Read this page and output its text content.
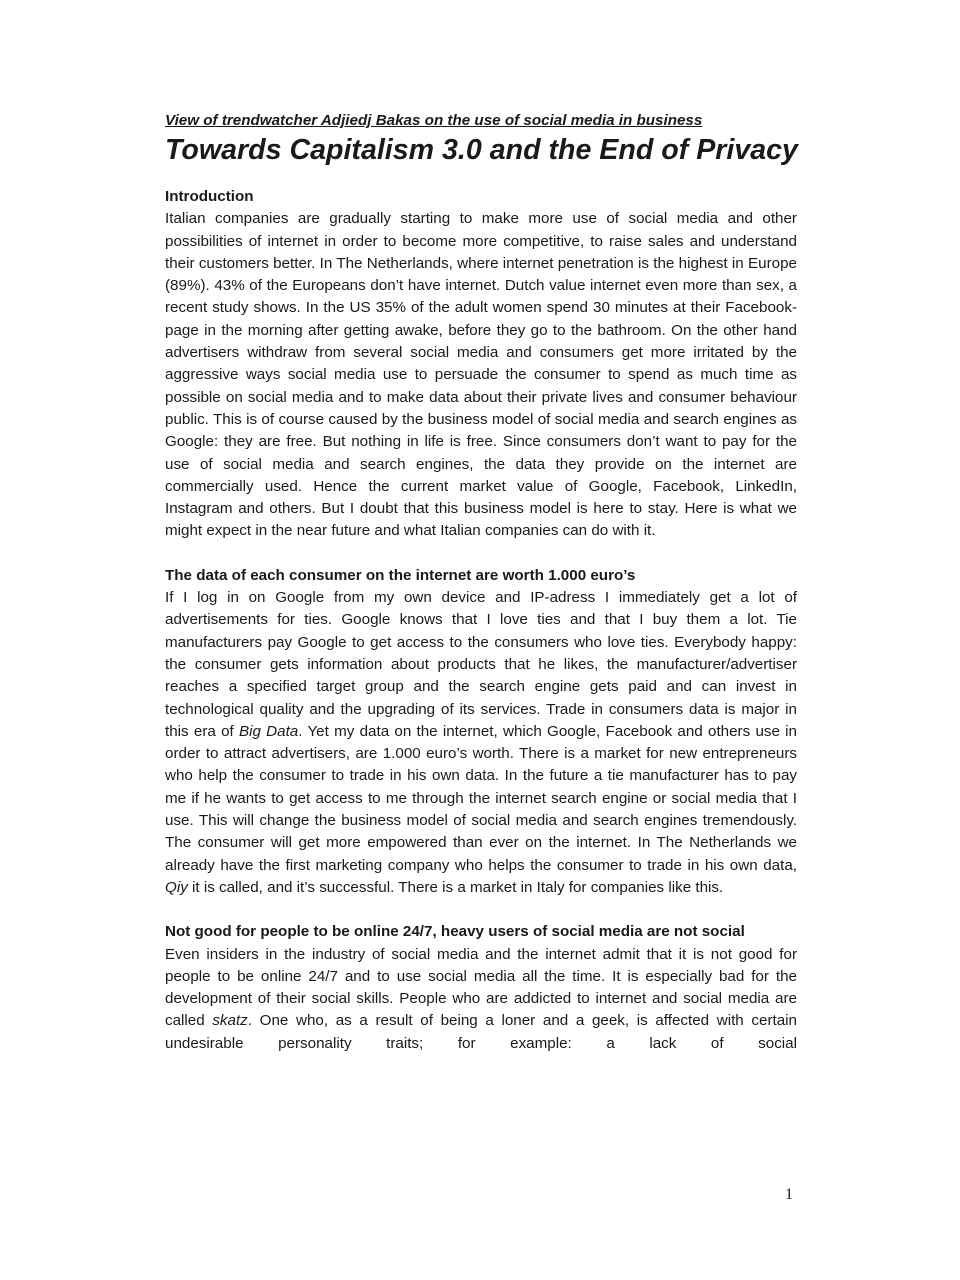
View of trendwatcher Adjiedj Bakas on the use of social media in business

Towards Capitalism 3.0 and the End of Privacy
Introduction

Italian companies are gradually starting to make more use of social media and other possibilities of internet in order to become more competitive, to raise sales and understand their customers better. In The Netherlands, where internet penetration is the highest in Europe (89%). 43% of the Europeans don’t have internet. Dutch value internet even more than sex, a recent study shows. In the US 35% of the adult women spend 30 minutes at their Facebook-page in the morning after getting awake, before they go to the bathroom. On the other hand advertisers withdraw from several social media and consumers get more irritated by the aggressive ways social media use to persuade the consumer to spend as much time as possible on social media and to make data about their private lives and consumer behaviour public. This is of course caused by the business model of social media and search engines as Google: they are free. But nothing in life is free. Since consumers don’t want to pay for the use of social media and search engines, the data they provide on the internet are commercially used. Hence the current market value of Google, Facebook, LinkedIn, Instagram and others. But I doubt that this business model is here to stay. Here is what we might expect in the near future and what Italian companies can do with it.

The data of each consumer on the internet are worth 1.000 euro’s

If I log in on Google from my own device and IP-adress I immediately get a lot of advertisements for ties. Google knows that I love ties and that I buy them a lot. Tie manufacturers pay Google to get access to the consumers who love ties. Everybody happy: the consumer gets information about products that he likes, the manufacturer/advertiser reaches a specified target group and the search engine gets paid and can invest in technological quality and the upgrading of its services. Trade in consumers data is major in this era of Big Data. Yet my data on the internet, which Google, Facebook and others use in order to attract advertisers, are 1.000 euro’s worth. There is a market for new entrepreneurs who help the consumer to trade in his own data. In the future a tie manufacturer has to pay me if he wants to get access to me through the internet search engine or social media that I use. This will change the business model of social media and search engines tremendously. The consumer will get more empowered than ever on the internet. In The Netherlands we already have the first marketing company who helps the consumer to trade in his own data, Qiy it is called, and it’s successful. There is a market in Italy for companies like this.

Not good for people to be online 24/7, heavy users of social media are not social

Even insiders in the industry of social media and the internet admit that it is not good for people to be online 24/7 and to use social media all the time. It is especially bad for the development of their social skills. People who are addicted to internet and social media are called skatz. One who, as a result of being a loner and a geek, is affected with certain undesirable personality traits; for example: a lack of social

1
